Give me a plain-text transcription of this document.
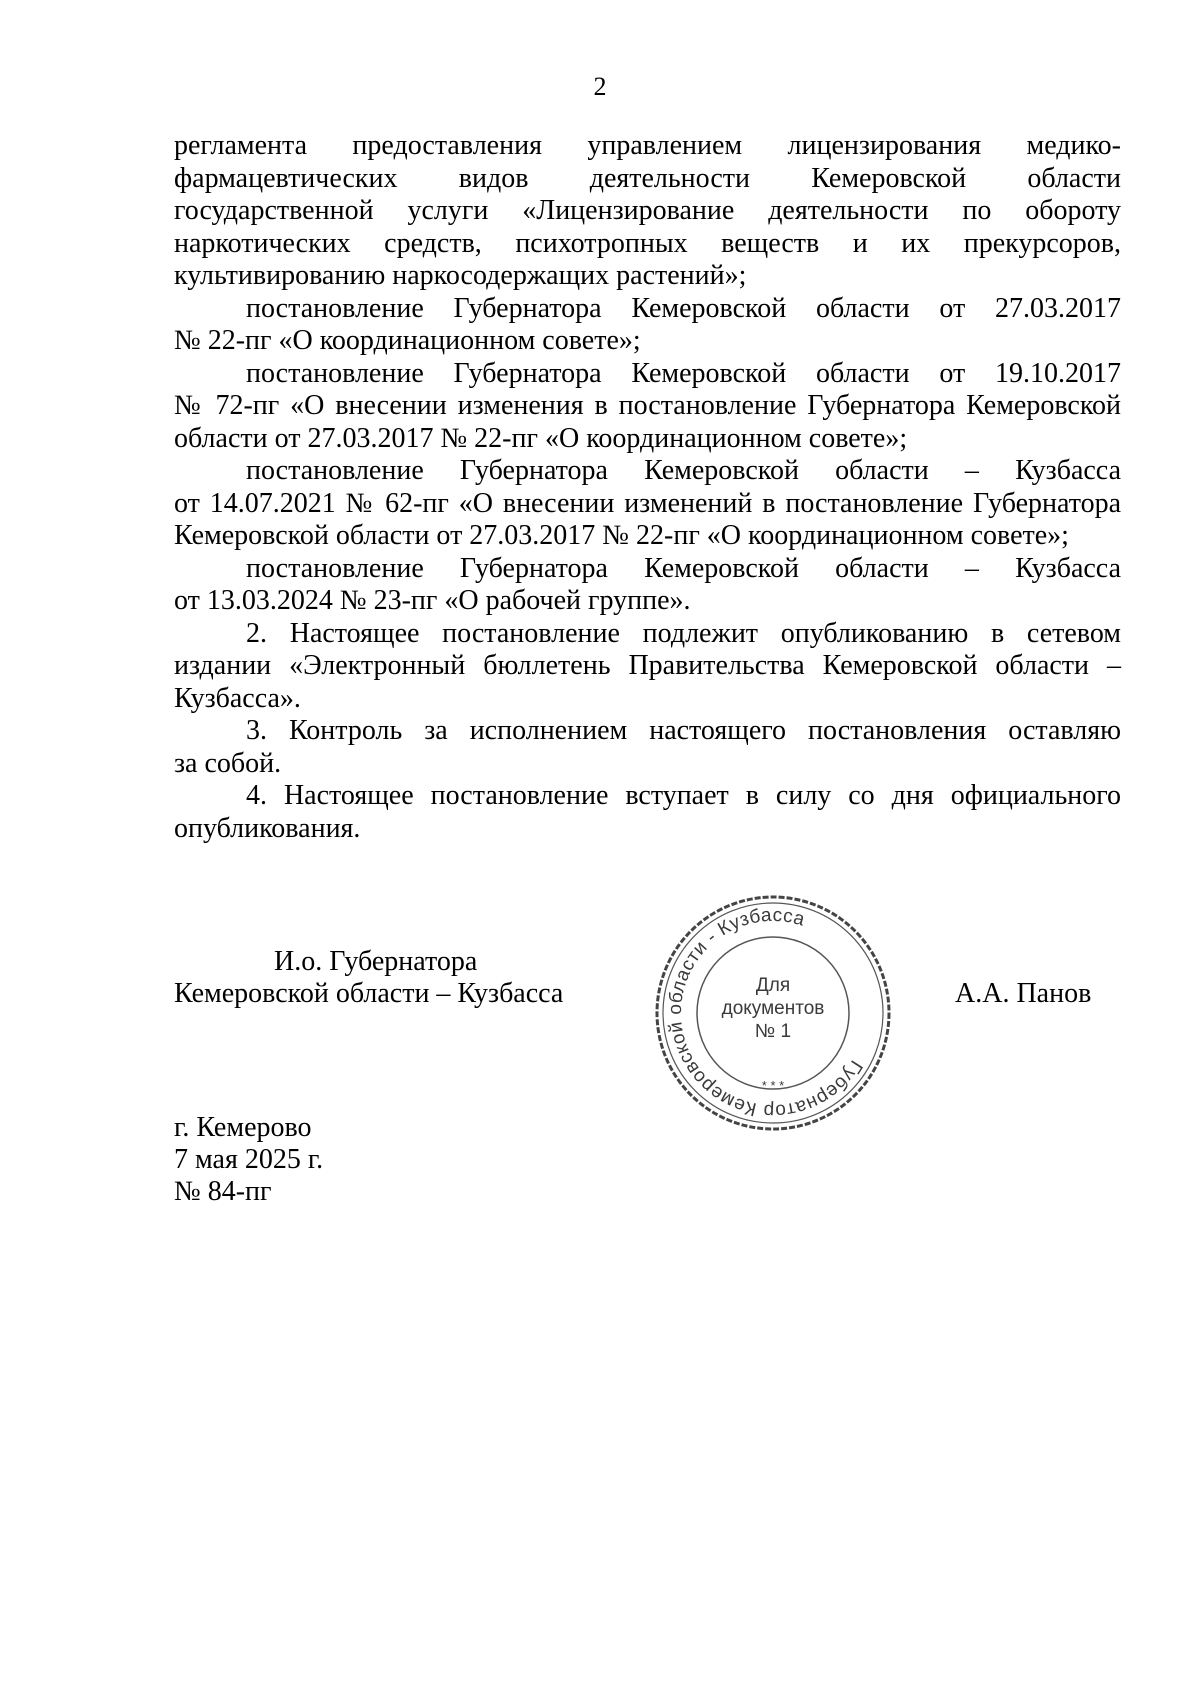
2

регламента предоставления управлением лицензирования медико-

фармацевтических видов деятельности Кемеровской области

государственной услуги «Лицензирование деятельности по обороту

наркотических средств, психотропных веществ и их прекурсоров,

культивированию наркосодержащих растений»;

постановление Губернатора Кемеровской области от 27.03.2017

№ 22-пг «О координационном совете»;

постановление Губернатора Кемеровской области от 19.10.2017

№ 72-пг «О внесении изменения в постановление Губернатора Кемеровской

области от 27.03.2017 № 22-пг «О координационном совете»;

постановление Губернатора Кемеровской области – Кузбасса

от 14.07.2021 № 62-пг «О внесении изменений в постановление Губернатора

Кемеровской области от 27.03.2017 № 22-пг «О координационном совете»;

постановление Губернатора Кемеровской области – Кузбасса

от 13.03.2024 № 23-пг «О рабочей группе».

2. Настоящее постановление подлежит опубликованию в сетевом

издании «Электронный бюллетень Правительства Кемеровской области –

Кузбасса».

3. Контроль за исполнением настоящего постановления оставляю

за собой.

4. Настоящее постановление вступает в силу со дня официального

опубликования.

И.о. Губернатора
Кемеровской области – Кузбасса
Губернатор Кемеровской области - Кузбасса
* * *
Для
документов
№ 1
А.А. Панов
г. Кемерово
7 мая 2025 г.
№ 84-пг
